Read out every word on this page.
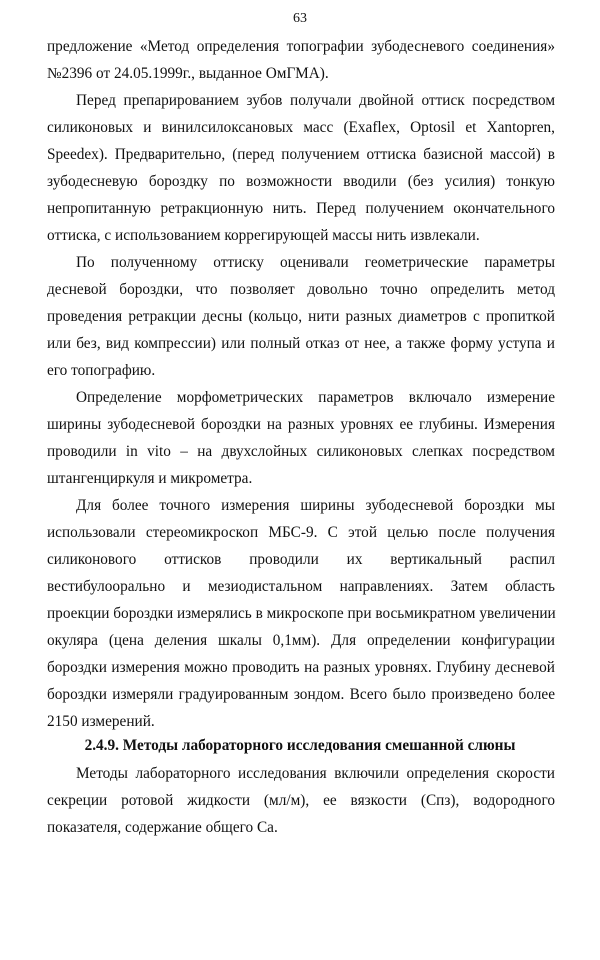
63
предложение «Метод определения топографии зубодесневого соединения»
№2396 от 24.05.1999г., выданное ОмГМА).
Перед препарированием зубов получали двойной оттиск посредством
силиконовых и винилсилоксановых масс (Exaflex, Optosil et Xantopren,
Speedex). Предварительно, (перед получением оттиска базисной массой) в
зубодесневую бороздку по возможности вводили (без усилия) тонкую
непропитанную ретракционную нить. Перед получением окончательного
оттиска, с использованием коррегирующей массы нить извлекали.
По полученному оттиску оценивали геометрические параметры
десневой бороздки, что позволяет довольно точно определить метод
проведения ретракции десны (кольцо, нити разных диаметров с пропиткой
или без, вид компрессии) или полный отказ от нее, а также форму уступа и
его топографию.
Определение морфометрических параметров включало измерение
ширины зубодесневой бороздки на разных уровнях ее глубины. Измерения
проводили in vito – на двухслойных силиконовых слепках посредством
штангенциркуля и микрометра.
Для более точного измерения ширины зубодесневой бороздки мы
использовали стереомикроскоп МБС-9. С этой целью после получения
силиконового оттисков проводили их вертикальный распил
вестибулоорально и мезиодистальном направлениях. Затем область
проекции бороздки измерялись в микроскопе при восьмикратном увеличении
окуляра (цена деления шкалы 0,1мм). Для определении конфигурации
бороздки измерения можно проводить на разных уровнях. Глубину десневой
бороздки измеряли градуированным зондом. Всего было произведено более
2150 измерений.
2.4.9. Методы лабораторного исследования смешанной слюны
Методы лабораторного исследования включили определения скорости
секреции ротовой жидкости (мл/м), ее вязкости (Спз), водородного
показателя, содержание общего Са.
